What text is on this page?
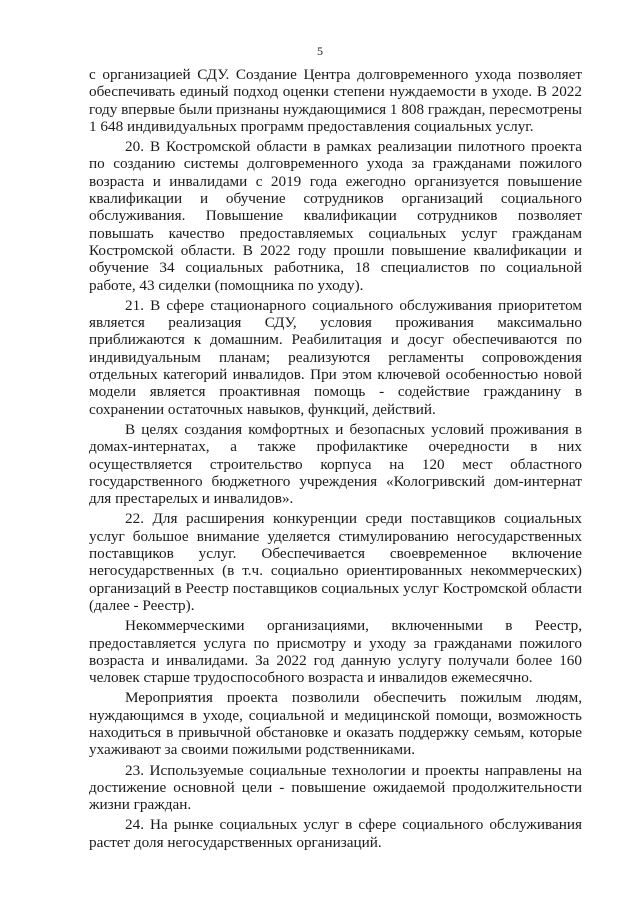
5

с организацией СДУ. Создание Центра долговременного ухода позволяет обеспечивать единый подход оценки степени нуждаемости в уходе. В 2022 году впервые были признаны нуждающимися 1 808 граждан, пересмотрены 1 648 индивидуальных программ предоставления социальных услуг.

20. В Костромской области в рамках реализации пилотного проекта по созданию системы долговременного ухода за гражданами пожилого возраста и инвалидами с 2019 года ежегодно организуется повышение квалификации и обучение сотрудников организаций социального обслуживания. Повышение квалификации сотрудников позволяет повышать качество предоставляемых социальных услуг гражданам Костромской области. В 2022 году прошли повышение квалификации и обучение 34 социальных работника, 18 специалистов по социальной работе, 43 сиделки (помощника по уходу).

21. В сфере стационарного социального обслуживания приоритетом является реализация СДУ, условия проживания максимально приближаются к домашним. Реабилитация и досуг обеспечиваются по индивидуальным планам; реализуются регламенты сопровождения отдельных категорий инвалидов. При этом ключевой особенностью новой модели является проактивная помощь - содействие гражданину в сохранении остаточных навыков, функций, действий.

В целях создания комфортных и безопасных условий проживания в домах-интернатах, а также профилактике очередности в них осуществляется строительство корпуса на 120 мест областного государственного бюджетного учреждения «Кологривский дом-интернат для престарелых и инвалидов».

22. Для расширения конкуренции среди поставщиков социальных услуг большое внимание уделяется стимулированию негосударственных поставщиков услуг. Обеспечивается своевременное включение негосударственных (в т.ч. социально ориентированных некоммерческих) организаций в Реестр поставщиков социальных услуг Костромской области (далее - Реестр).

Некоммерческими организациями, включенными в Реестр, предоставляется услуга по присмотру и уходу за гражданами пожилого возраста и инвалидами. За 2022 год данную услугу получали более 160 человек старше трудоспособного возраста и инвалидов ежемесячно.

Мероприятия проекта позволили обеспечить пожилым людям, нуждающимся в уходе, социальной и медицинской помощи, возможность находиться в привычной обстановке и оказать поддержку семьям, которые ухаживают за своими пожилыми родственниками.

23. Используемые социальные технологии и проекты направлены на достижение основной цели - повышение ожидаемой продолжительности жизни граждан.

24. На рынке социальных услуг в сфере социального обслуживания растет доля негосударственных организаций.
